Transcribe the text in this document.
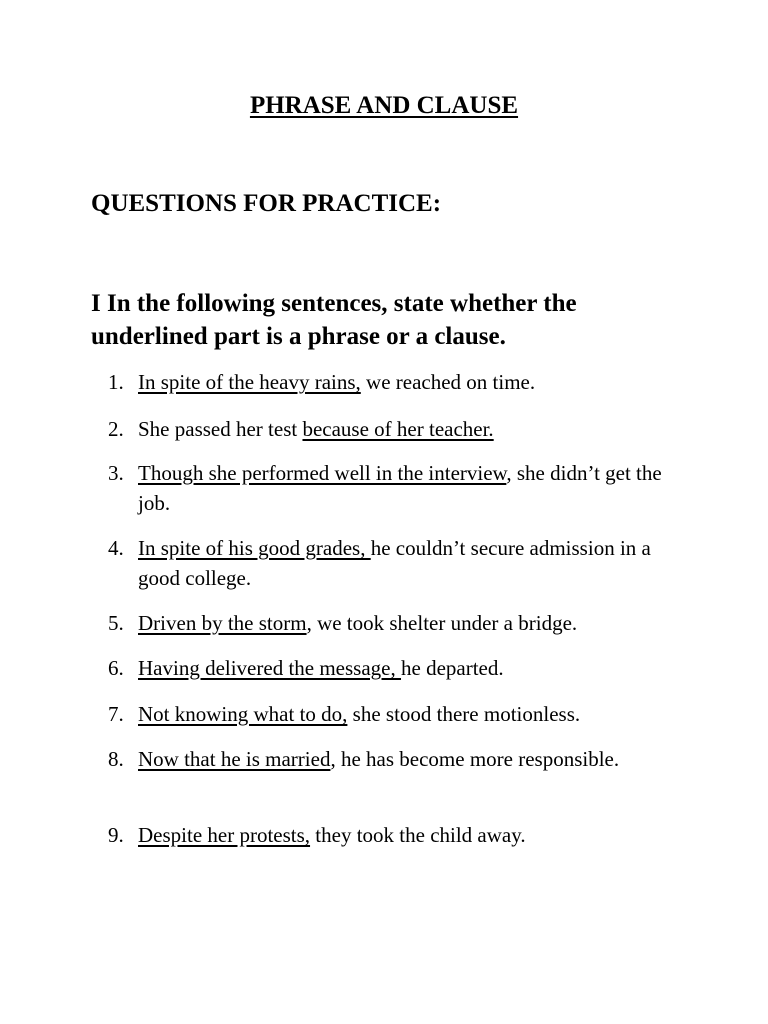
PHRASE AND CLAUSE
QUESTIONS FOR PRACTICE:

I In the following sentences, state whether the underlined part is a phrase or a clause.

1. In spite of the heavy rains, we reached on time.
2. She passed her test because of her teacher.
3. Though she performed well in the interview, she didn’t get the job.
4. In spite of his good grades, he couldn’t secure admission in a good college.
5. Driven by the storm, we took shelter under a bridge.
6. Having delivered the message, he departed.
7. Not knowing what to do, she stood there motionless.
8. Now that he is married, he has become more responsible.
9. Despite her protests, they took the child away.
